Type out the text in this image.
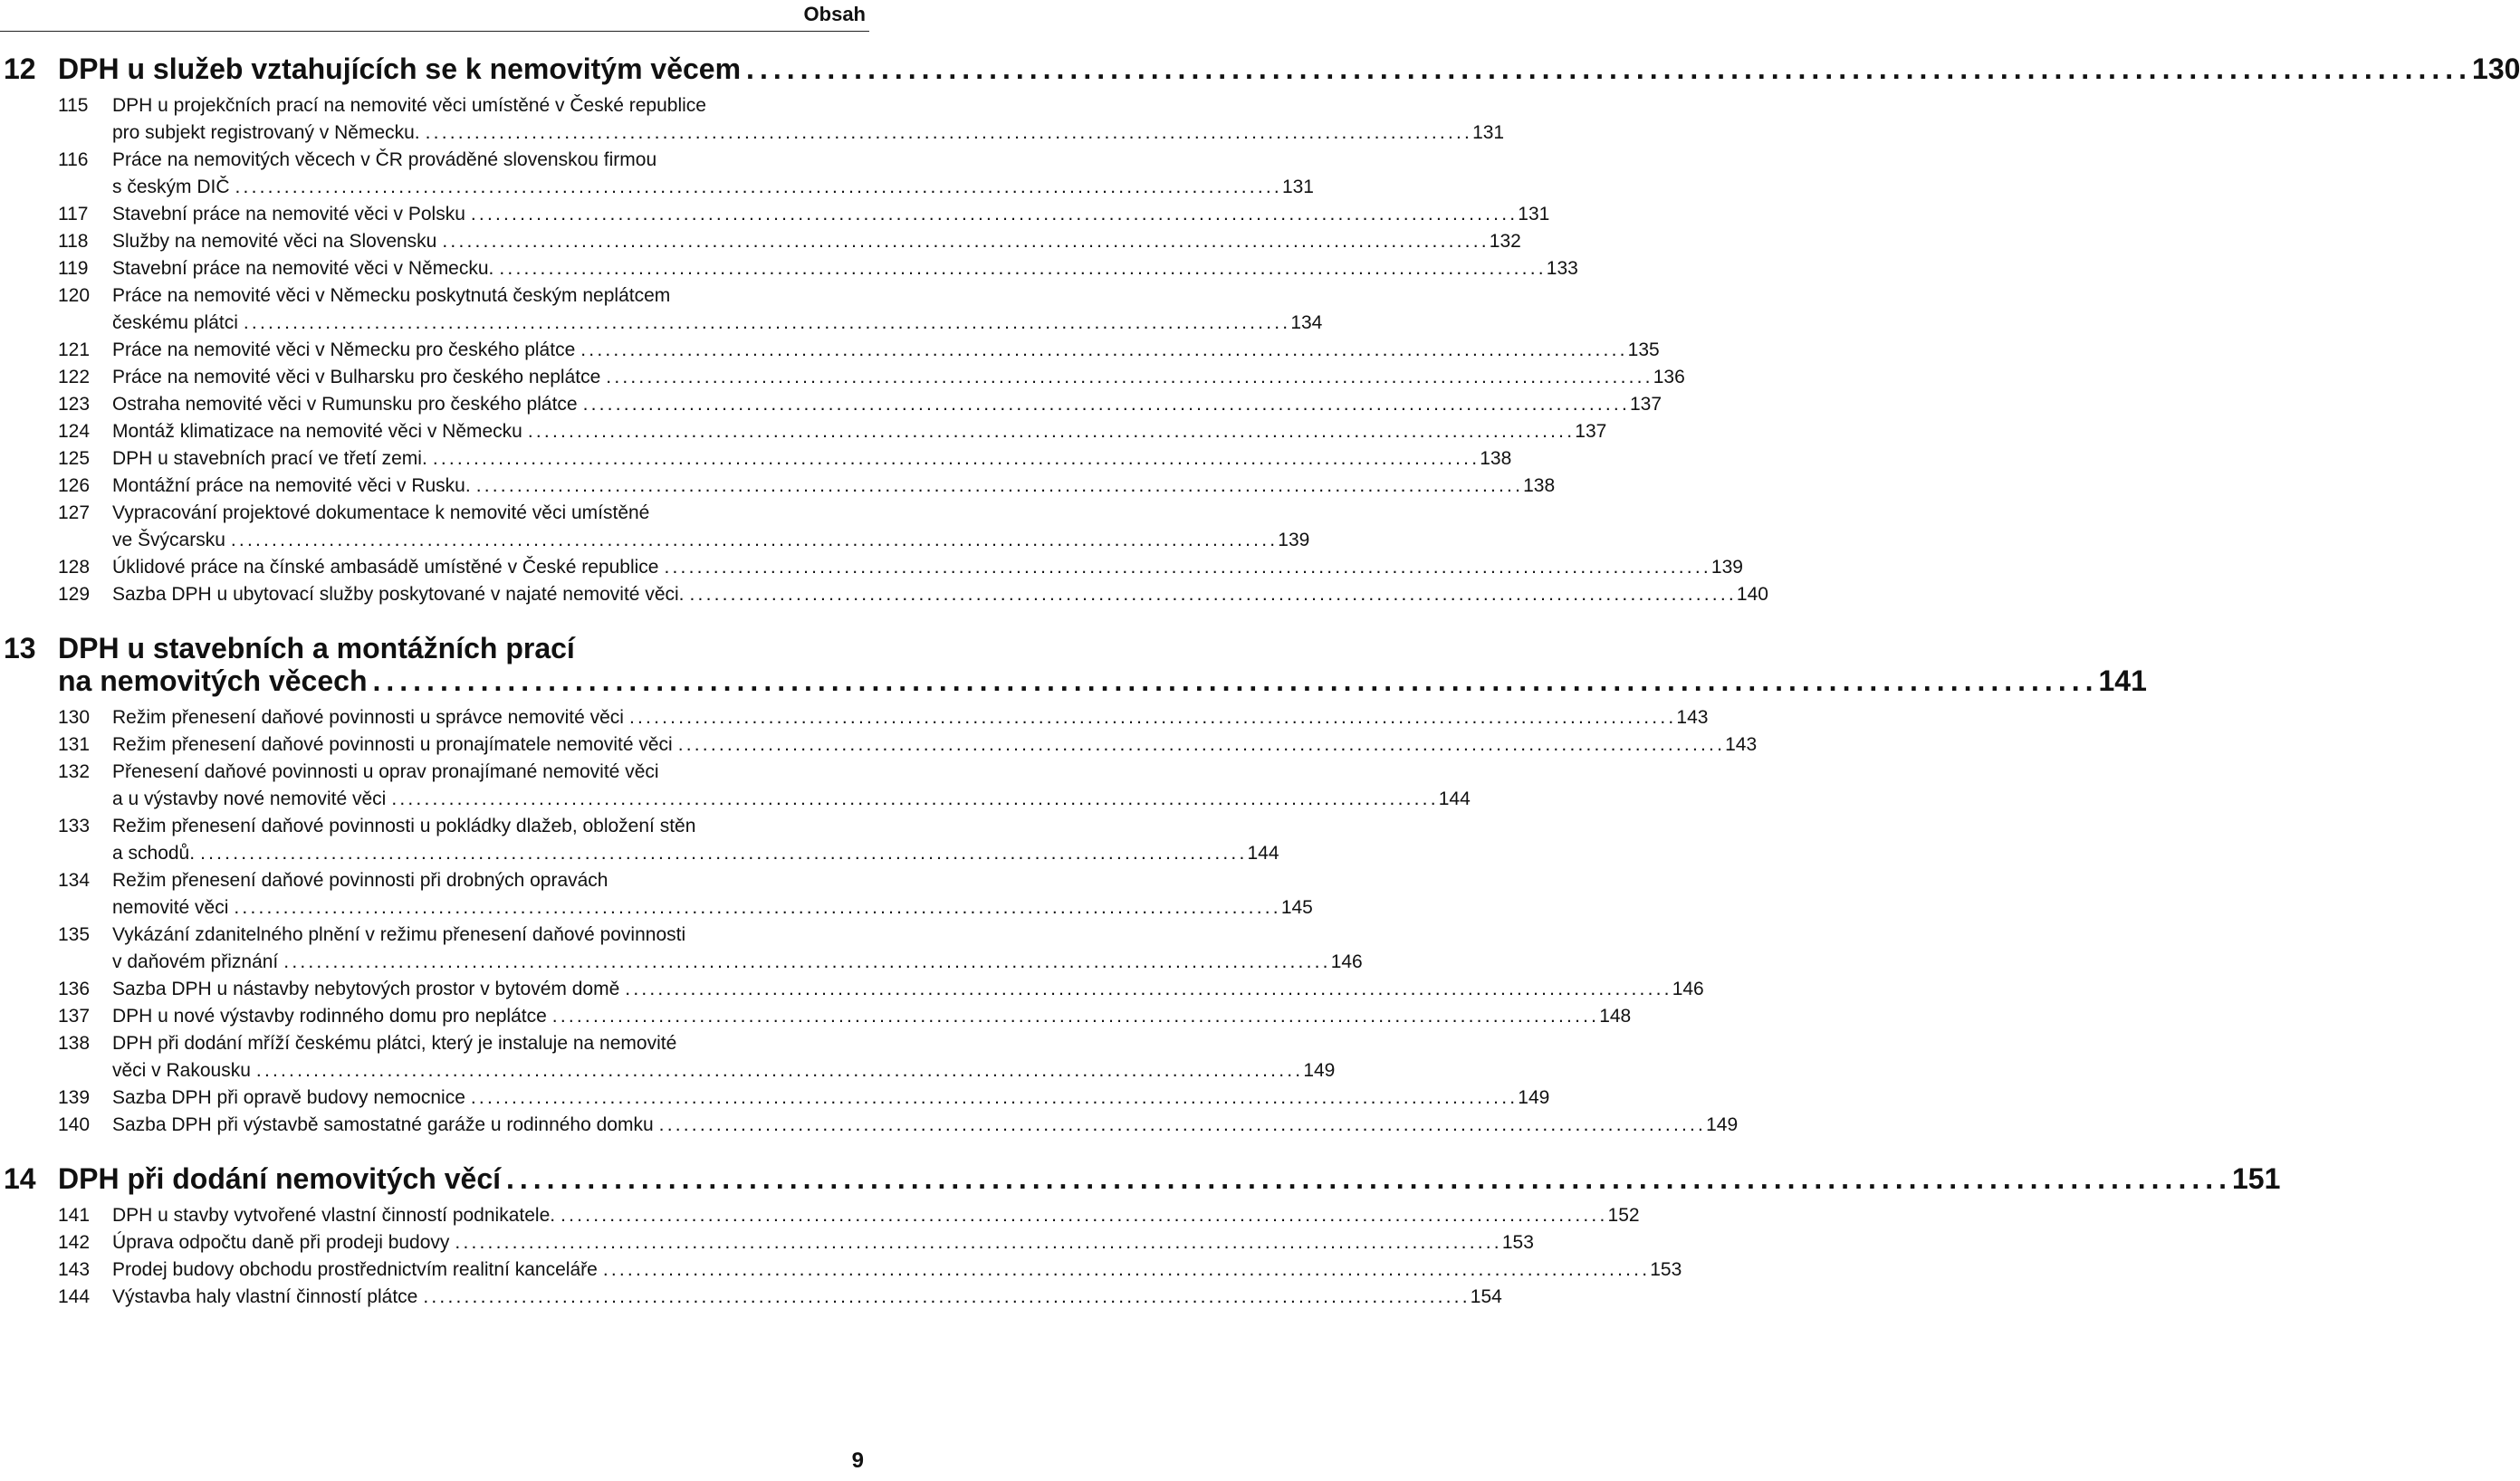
Obsah
12 DPH u služeb vztahujících se k nemovitým věcem ................................................................................................................................ 130
115	DPH u projekčních prací na nemovité věci umístěné v České republice
pro subjekt registrovaný v Německu. ................................................................................................................................ 131
116	Práce na nemovitých věcech v ČR prováděné slovenskou firmou
s českým DIČ ................................................................................................................................ 131
117	Stavební práce na nemovité věci v Polsku ................................................................................................................................ 131
118	Služby na nemovité věci na Slovensku ................................................................................................................................ 132
119	Stavební práce na nemovité věci v Německu. ................................................................................................................................ 133
120	Práce na nemovité věci v Německu poskytnutá českým neplátcem
českému plátci ................................................................................................................................ 134
121	Práce na nemovité věci v Německu pro českého plátce ................................................................................................................................ 135
122	Práce na nemovité věci v Bulharsku pro českého neplátce ................................................................................................................................ 136
123	Ostraha nemovité věci v Rumunsku pro českého plátce ................................................................................................................................ 137
124	Montáž klimatizace na nemovité věci v Německu ................................................................................................................................ 137
125	DPH u stavebních prací ve třetí zemi. ................................................................................................................................ 138
126	Montážní práce na nemovité věci v Rusku. ................................................................................................................................ 138
127	Vypracování projektové dokumentace k nemovité věci umístěné
ve Švýcarsku ................................................................................................................................ 139
128	Úklidové práce na čínské ambasádě umístěné v České republice ................................................................................................................................ 139
129	Sazba DPH u ubytovací služby poskytované v najaté nemovité věci. ................................................................................................................................ 140
13 DPH u stavebních a montážních prací
na nemovitých věcech ................................................................................................................................ 141
130	Režim přenesení daňové povinnosti u správce nemovité věci ................................................................................................................................ 143
131	Režim přenesení daňové povinnosti u pronajímatele nemovité věci ................................................................................................................................ 143
132	Přenesení daňové povinnosti u oprav pronajímané nemovité věci
a u výstavby nové nemovité věci ................................................................................................................................ 144
133	Režim přenesení daňové povinnosti u pokládky dlažeb, obložení stěn
a schodů. ................................................................................................................................ 144
134	Režim přenesení daňové povinnosti při drobných opravách
nemovité věci ................................................................................................................................ 145
135	Vykázání zdanitelného plnění v režimu přenesení daňové povinnosti
v daňovém přiznání ................................................................................................................................ 146
136	Sazba DPH u nástavby nebytových prostor v bytovém domě ................................................................................................................................ 146
137	DPH u nové výstavby rodinného domu pro neplátce ................................................................................................................................ 148
138	DPH při dodání mříží českému plátci, který je instaluje na nemovité
věci v Rakousku ................................................................................................................................ 149
139	Sazba DPH při opravě budovy nemocnice ................................................................................................................................ 149
140	Sazba DPH při výstavbě samostatné garáže u rodinného domku ................................................................................................................................ 149
14 DPH při dodání nemovitých věcí ................................................................................................................................ 151
141	DPH u stavby vytvořené vlastní činností podnikatele. ................................................................................................................................ 152
142	Úprava odpočtu daně při prodeji budovy ................................................................................................................................ 153
143	Prodej budovy obchodu prostřednictvím realitní kanceláře ................................................................................................................................ 153
144	Výstavba haly vlastní činností plátce ................................................................................................................................ 154
9
